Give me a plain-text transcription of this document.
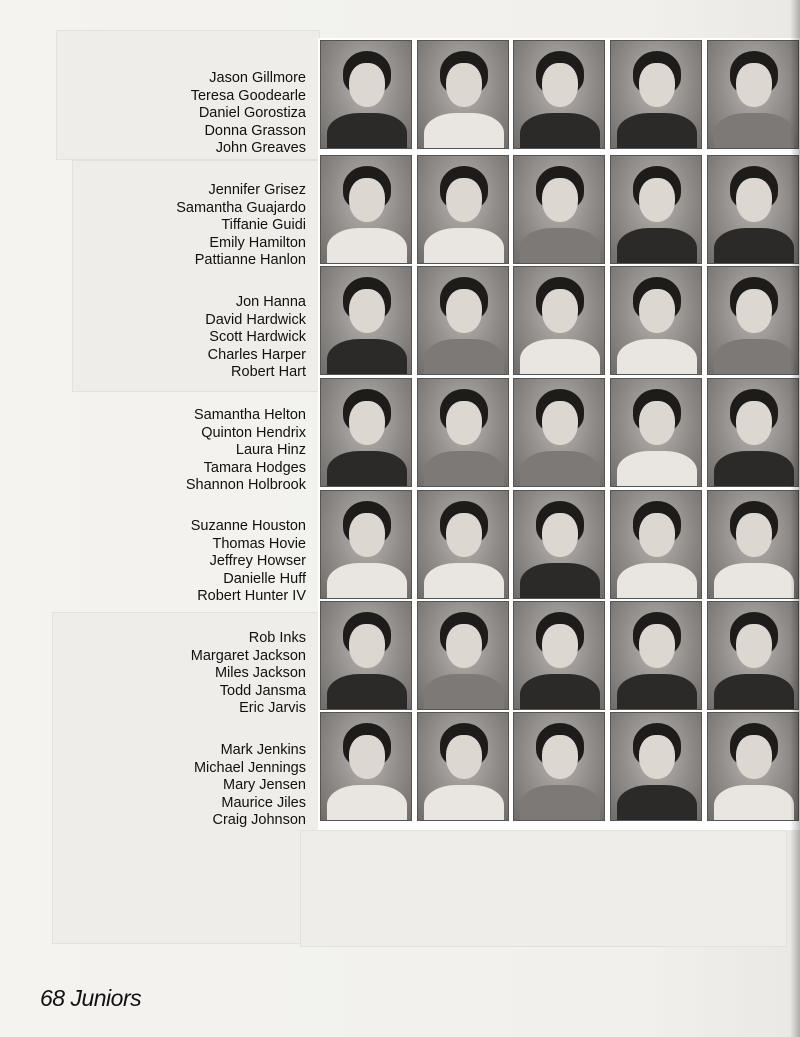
Jason Gillmore
Teresa Goodearle
Daniel Gorostiza
Donna Grasson
John Greaves
Jennifer Grisez
Samantha Guajardo
Tiffanie Guidi
Emily Hamilton
Pattianne Hanlon
Jon Hanna
David Hardwick
Scott Hardwick
Charles Harper
Robert Hart
Samantha Helton
Quinton Hendrix
Laura Hinz
Tamara Hodges
Shannon Holbrook
Suzanne Houston
Thomas Hovie
Jeffrey Howser
Danielle Huff
Robert Hunter IV
Rob Inks
Margaret Jackson
Miles Jackson
Todd Jansma
Eric Jarvis
Mark Jenkins
Michael Jennings
Mary Jensen
Maurice Jiles
Craig Johnson
68 Juniors
